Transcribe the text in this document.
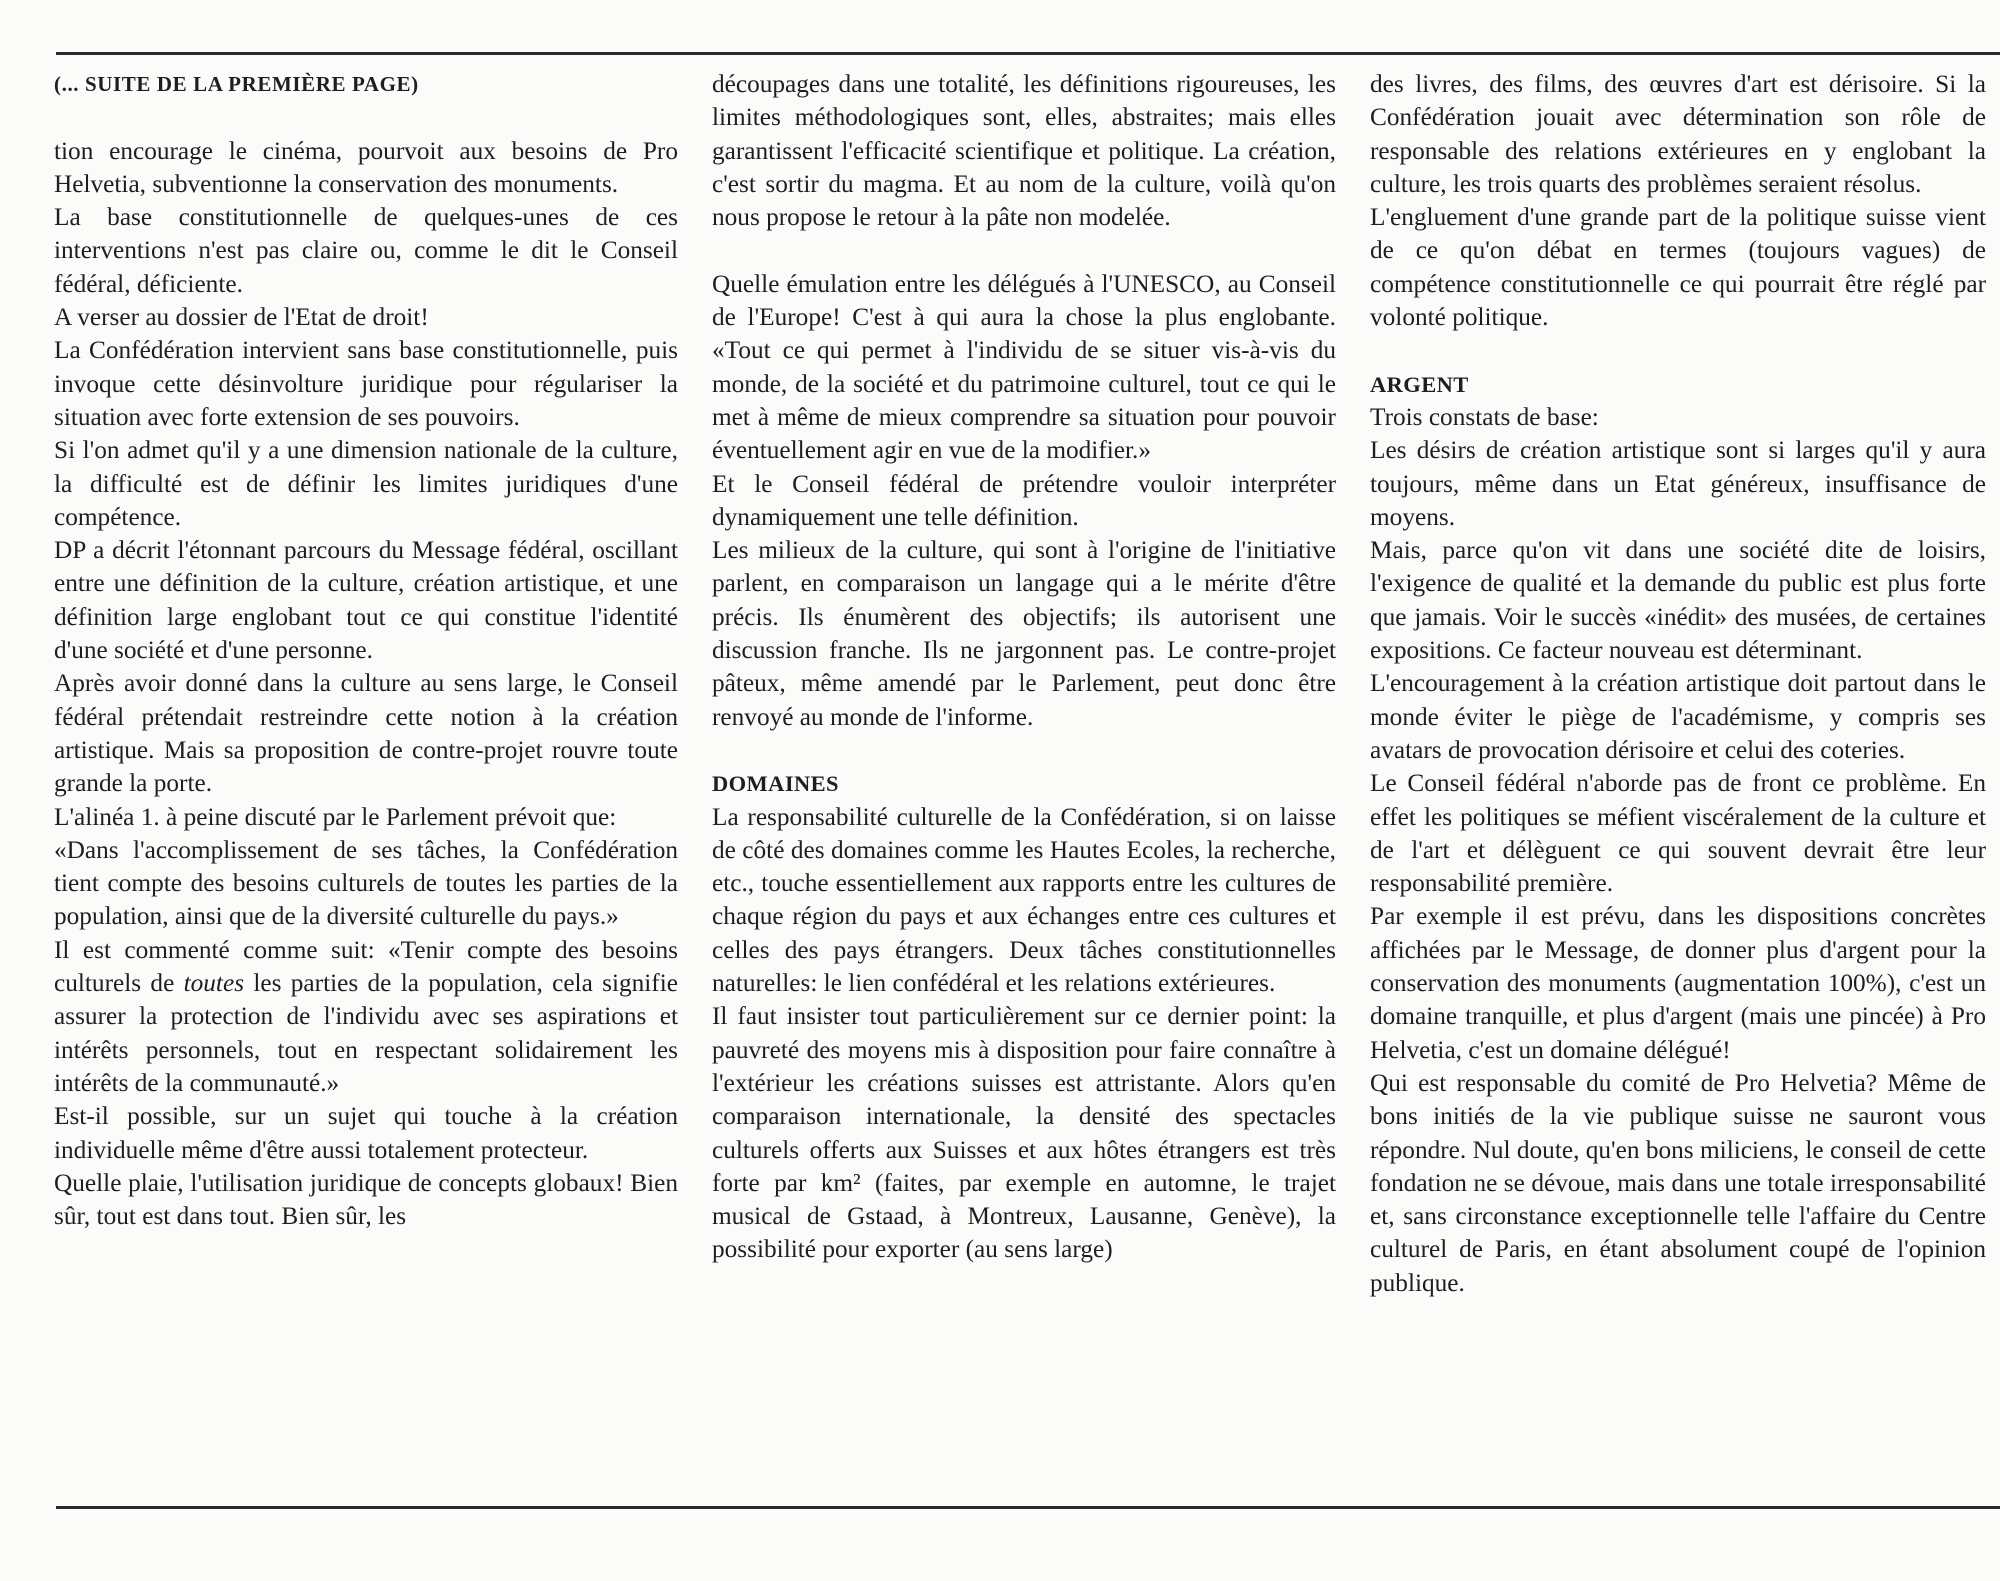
(... SUITE DE LA PREMIÈRE PAGE)

tion encourage le cinéma, pourvoit aux besoins de Pro Helvetia, subventionne la conservation des monuments.

La base constitutionnelle de quelques-unes de ces interventions n'est pas claire ou, comme le dit le Conseil fédéral, déficiente.

A verser au dossier de l'Etat de droit!

La Confédération intervient sans base constitutionnelle, puis invoque cette désinvolture juridique pour régulariser la situation avec forte extension de ses pouvoirs.

Si l'on admet qu'il y a une dimension nationale de la culture, la difficulté est de définir les limites juridiques d'une compétence.

DP a décrit l'étonnant parcours du Message fédéral, oscillant entre une définition de la culture, création artistique, et une définition large englobant tout ce qui constitue l'identité d'une société et d'une personne.

Après avoir donné dans la culture au sens large, le Conseil fédéral prétendait restreindre cette notion à la création artistique. Mais sa proposition de contre-projet rouvre toute grande la porte.

L'alinéa 1. à peine discuté par le Parlement prévoit que:

«Dans l'accomplissement de ses tâches, la Confédération tient compte des besoins culturels de toutes les parties de la population, ainsi que de la diversité culturelle du pays.»

Il est commenté comme suit: «Tenir compte des besoins culturels de toutes les parties de la population, cela signifie assurer la protection de l'individu avec ses aspirations et intérêts personnels, tout en respectant solidairement les intérêts de la communauté.»

Est-il possible, sur un sujet qui touche à la création individuelle même d'être aussi totalement protecteur.

Quelle plaie, l'utilisation juridique de concepts globaux! Bien sûr, tout est dans tout. Bien sûr, les

découpages dans une totalité, les définitions rigoureuses, les limites méthodologiques sont, elles, abstraites; mais elles garantissent l'efficacité scientifique et politique. La création, c'est sortir du magma. Et au nom de la culture, voilà qu'on nous propose le retour à la pâte non modelée.

Quelle émulation entre les délégués à l'UNESCO, au Conseil de l'Europe! C'est à qui aura la chose la plus englobante. «Tout ce qui permet à l'individu de se situer vis-à-vis du monde, de la société et du patrimoine culturel, tout ce qui le met à même de mieux comprendre sa situation pour pouvoir éventuellement agir en vue de la modifier.»

Et le Conseil fédéral de prétendre vouloir interpréter dynamiquement une telle définition.

Les milieux de la culture, qui sont à l'origine de l'initiative parlent, en comparaison un langage qui a le mérite d'être précis. Ils énumèrent des objectifs; ils autorisent une discussion franche. Ils ne jargonnent pas. Le contre-projet pâteux, même amendé par le Parlement, peut donc être renvoyé au monde de l'informe.

DOMAINES

La responsabilité culturelle de la Confédération, si on laisse de côté des domaines comme les Hautes Ecoles, la recherche, etc., touche essentiellement aux rapports entre les cultures de chaque région du pays et aux échanges entre ces cultures et celles des pays étrangers. Deux tâches constitutionnelles naturelles: le lien confédéral et les relations extérieures.

Il faut insister tout particulièrement sur ce dernier point: la pauvreté des moyens mis à disposition pour faire connaître à l'extérieur les créations suisses est attristante. Alors qu'en comparaison internationale, la densité des spectacles culturels offerts aux Suisses et aux hôtes étrangers est très forte par km² (faites, par exemple en automne, le trajet musical de Gstaad, à Montreux, Lausanne, Genève), la possibilité pour exporter (au sens large)

des livres, des films, des œuvres d'art est dérisoire. Si la Confédération jouait avec détermination son rôle de responsable des relations extérieures en y englobant la culture, les trois quarts des problèmes seraient résolus.

L'engluement d'une grande part de la politique suisse vient de ce qu'on débat en termes (toujours vagues) de compétence constitutionnelle ce qui pourrait être réglé par volonté politique.

ARGENT

Trois constats de base:

Les désirs de création artistique sont si larges qu'il y aura toujours, même dans un Etat généreux, insuffisance de moyens.

Mais, parce qu'on vit dans une société dite de loisirs, l'exigence de qualité et la demande du public est plus forte que jamais. Voir le succès «inédit» des musées, de certaines expositions. Ce facteur nouveau est déterminant.

L'encouragement à la création artistique doit partout dans le monde éviter le piège de l'académisme, y compris ses avatars de provocation dérisoire et celui des coteries.

Le Conseil fédéral n'aborde pas de front ce problème. En effet les politiques se méfient viscéralement de la culture et de l'art et délèguent ce qui souvent devrait être leur responsabilité première.

Par exemple il est prévu, dans les dispositions concrètes affichées par le Message, de donner plus d'argent pour la conservation des monuments (augmentation 100%), c'est un domaine tranquille, et plus d'argent (mais une pincée) à Pro Helvetia, c'est un domaine délégué!

Qui est responsable du comité de Pro Helvetia? Même de bons initiés de la vie publique suisse ne sauront vous répondre. Nul doute, qu'en bons miliciens, le conseil de cette fondation ne se dévoue, mais dans une totale irresponsabilité et, sans circonstance exceptionnelle telle l'affaire du Centre culturel de Paris, en étant absolument coupé de l'opinion publique.
